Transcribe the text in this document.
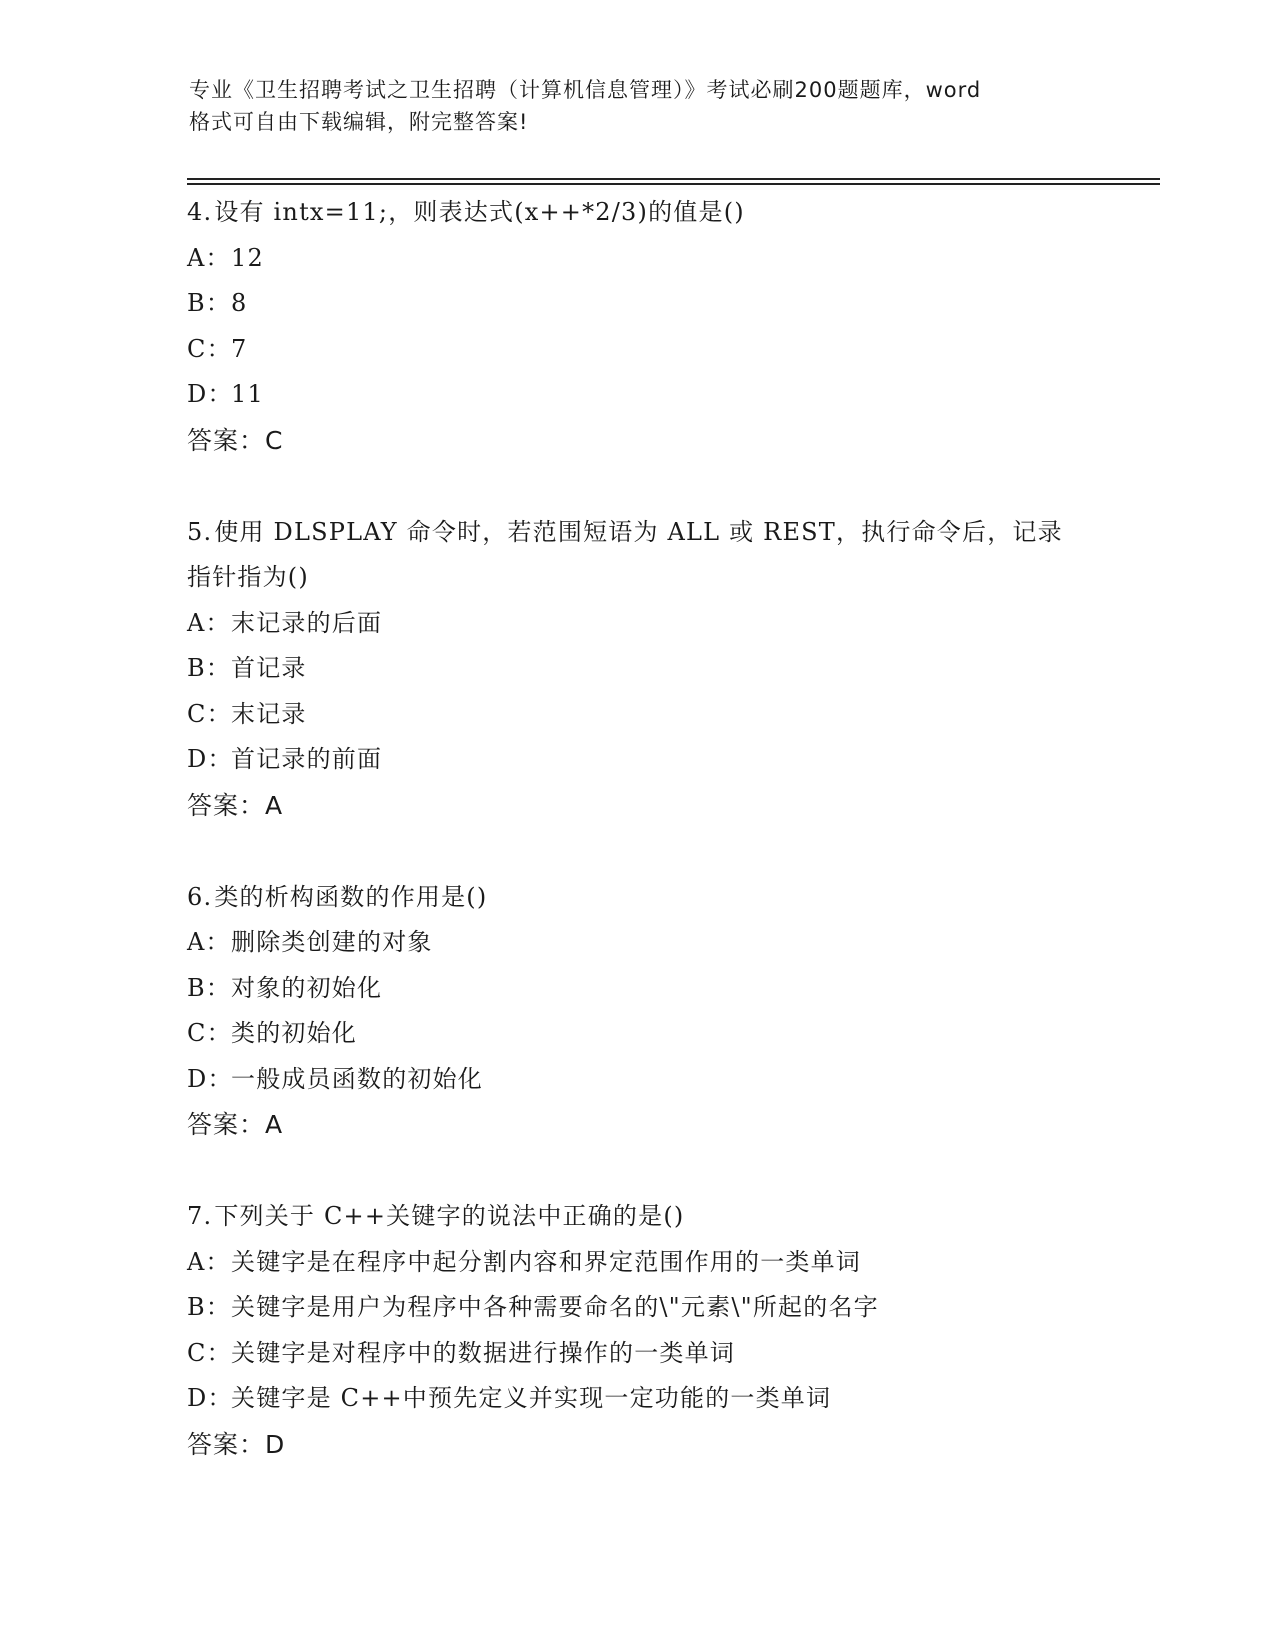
专业《卫生招聘考试之卫生招聘（计算机信息管理）》考试必刷200题题库，word
格式可自由下载编辑，附完整答案!
4.设有 intx=11;，则表达式(x++*2/3)的值是()
A：12
B：8
C：7
D：11
答案：C
5.使用 DLSPLAY 命令时，若范围短语为 ALL 或 REST，执行命令后，记录指针指为()
A：末记录的后面
B：首记录
C：末记录
D：首记录的前面
答案：A
6.类的析构函数的作用是()
A：删除类创建的对象
B：对象的初始化
C：类的初始化
D：一般成员函数的初始化
答案：A
7.下列关于 C++关键字的说法中正确的是()
A：关键字是在程序中起分割内容和界定范围作用的一类单词
B：关键字是用户为程序中各种需要命名的\"元素\"所起的名字
C：关键字是对程序中的数据进行操作的一类单词
D：关键字是 C++中预先定义并实现一定功能的一类单词
答案：D
